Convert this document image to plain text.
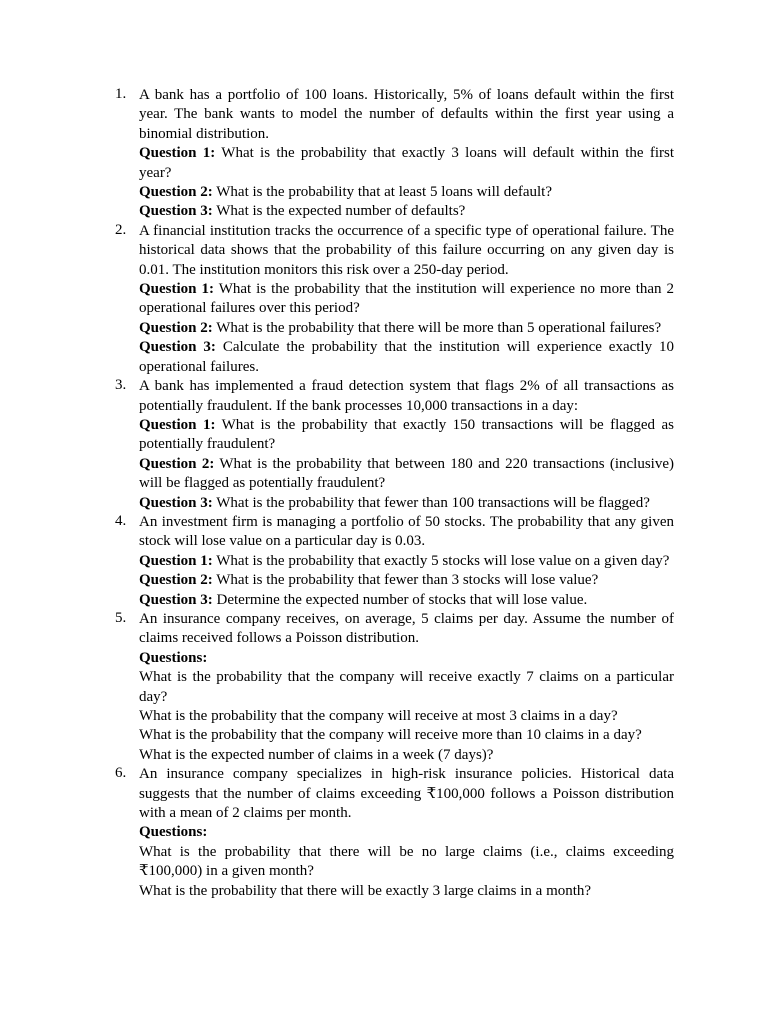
1. A bank has a portfolio of 100 loans. Historically, 5% of loans default within the first year. The bank wants to model the number of defaults within the first year using a binomial distribution.

Question 1: What is the probability that exactly 3 loans will default within the first year?

Question 2: What is the probability that at least 5 loans will default?

Question 3: What is the expected number of defaults?

2. A financial institution tracks the occurrence of a specific type of operational failure. The historical data shows that the probability of this failure occurring on any given day is 0.01. The institution monitors this risk over a 250-day period.

Question 1: What is the probability that the institution will experience no more than 2 operational failures over this period?

Question 2: What is the probability that there will be more than 5 operational failures?

Question 3: Calculate the probability that the institution will experience exactly 10 operational failures.

3. A bank has implemented a fraud detection system that flags 2% of all transactions as potentially fraudulent. If the bank processes 10,000 transactions in a day:

Question 1: What is the probability that exactly 150 transactions will be flagged as potentially fraudulent?

Question 2: What is the probability that between 180 and 220 transactions (inclusive) will be flagged as potentially fraudulent?

Question 3: What is the probability that fewer than 100 transactions will be flagged?

4. An investment firm is managing a portfolio of 50 stocks. The probability that any given stock will lose value on a particular day is 0.03.

Question 1: What is the probability that exactly 5 stocks will lose value on a given day?

Question 2: What is the probability that fewer than 3 stocks will lose value?

Question 3: Determine the expected number of stocks that will lose value.

5. An insurance company receives, on average, 5 claims per day. Assume the number of claims received follows a Poisson distribution.

Questions:

What is the probability that the company will receive exactly 7 claims on a particular day?

What is the probability that the company will receive at most 3 claims in a day?

What is the probability that the company will receive more than 10 claims in a day?

What is the expected number of claims in a week (7 days)?

6. An insurance company specializes in high-risk insurance policies. Historical data suggests that the number of claims exceeding ₹100,000 follows a Poisson distribution with a mean of 2 claims per month.

Questions:

What is the probability that there will be no large claims (i.e., claims exceeding ₹100,000) in a given month?

What is the probability that there will be exactly 3 large claims in a month?
